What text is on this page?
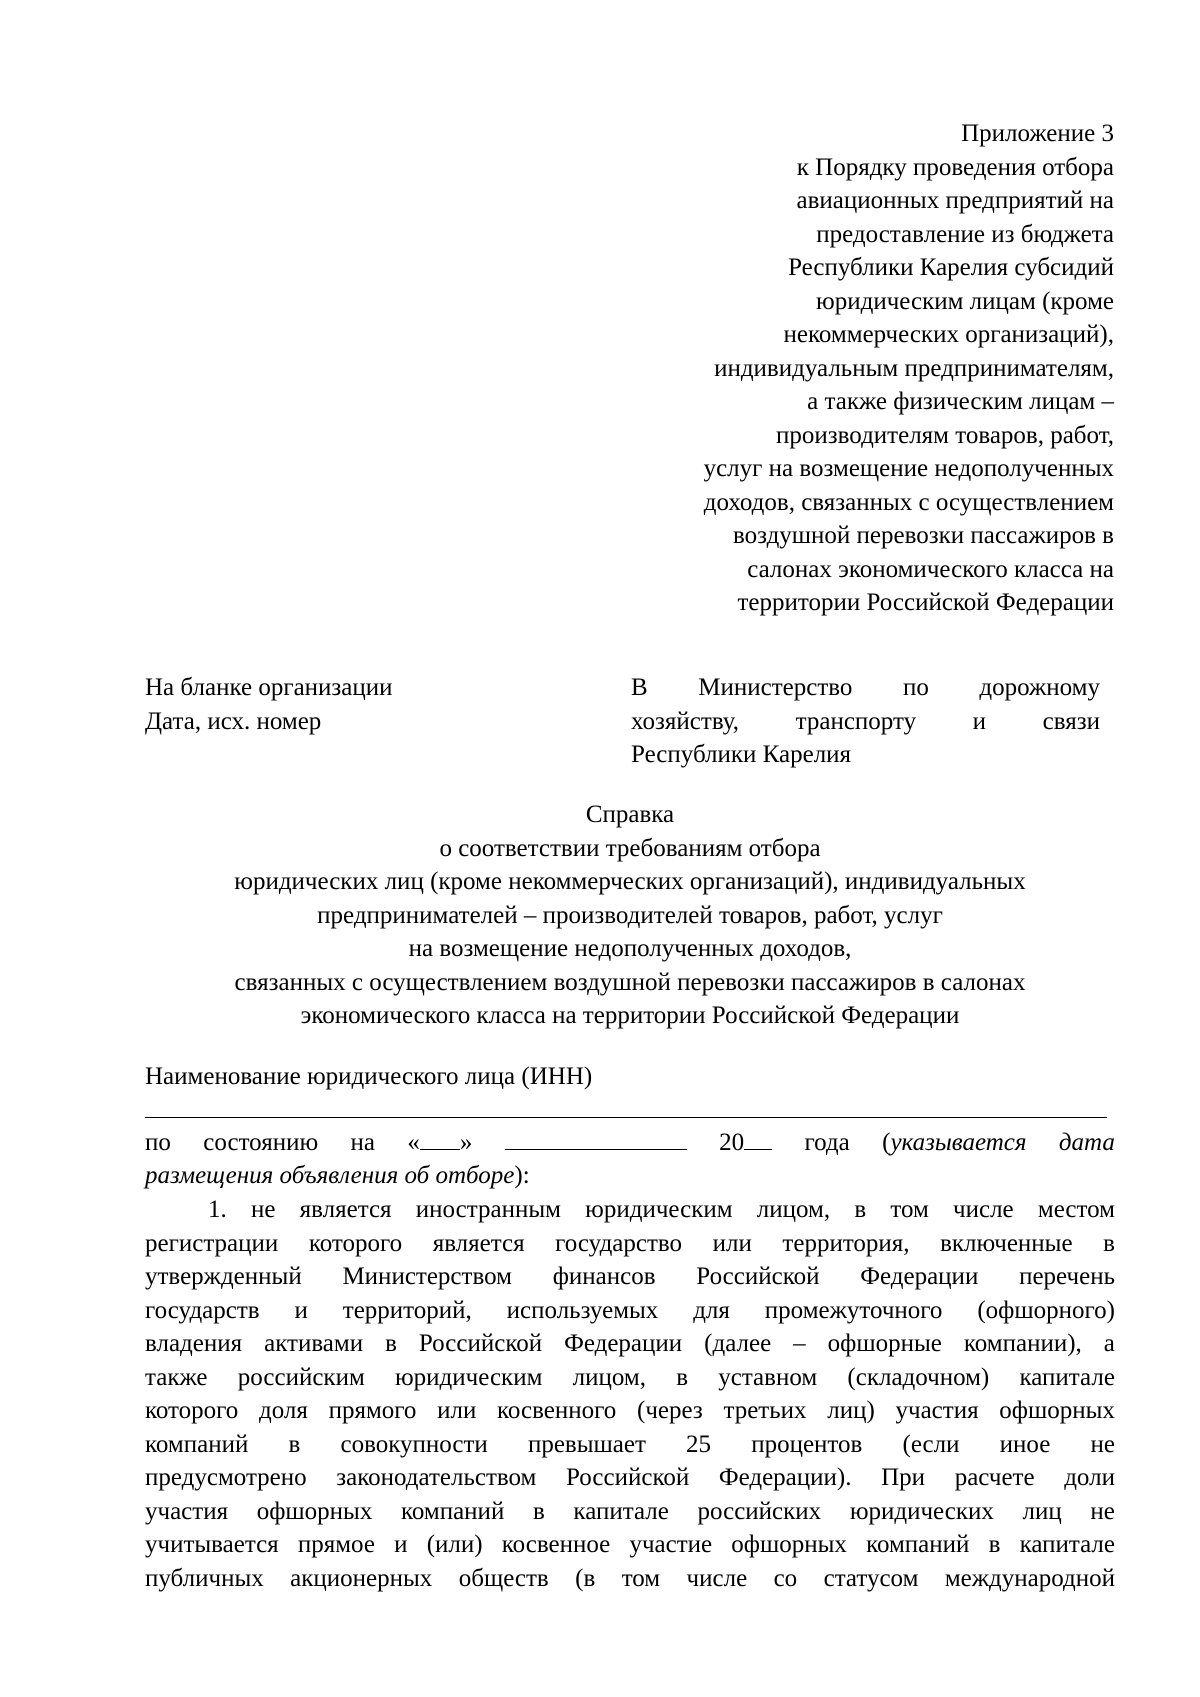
Приложение 3
к Порядку проведения отбора
авиационных предприятий на
предоставление из бюджета
Республики Карелия субсидий
юридическим лицам (кроме
некоммерческих организаций),
индивидуальным предпринимателям,
а также физическим лицам –
производителям товаров, работ,
услуг на возмещение недополученных
доходов, связанных с осуществлением
воздушной перевозки пассажиров в
салонах экономического класса на
территории Российской Федерации
На бланке организации
Дата, исх. номер
В Министерство по дорожному
хозяйству, транспорту и связи
Республики Карелия
Справка
о соответствии требованиям отбора
юридических лиц (кроме некоммерческих организаций), индивидуальных
предпринимателей – производителей товаров, работ, услуг
на возмещение недополученных доходов,
связанных с осуществлением воздушной перевозки пассажиров в салонах
экономического класса на территории Российской Федерации
Наименование юридического лица (ИНН)
по состоянию на « »	20	года (указывается дата
размещения объявления об отборе):
1. не является иностранным юридическим лицом, в том числе местом
регистрации которого является государство или территория, включенные в
утвержденный Министерством финансов Российской Федерации перечень
государств и территорий, используемых для промежуточного (офшорного)
владения активами в Российской Федерации (далее – офшорные компании), а
также российским юридическим лицом, в уставном (складочном) капитале
которого доля прямого или косвенного (через третьих лиц) участия офшорных
компаний в совокупности превышает 25 процентов (если иное не
предусмотрено законодательством Российской Федерации). При расчете доли
участия офшорных компаний в капитале российских юридических лиц не
учитывается прямое и (или) косвенное участие офшорных компаний в капитале
публичных акционерных обществ (в том числе со статусом международной
